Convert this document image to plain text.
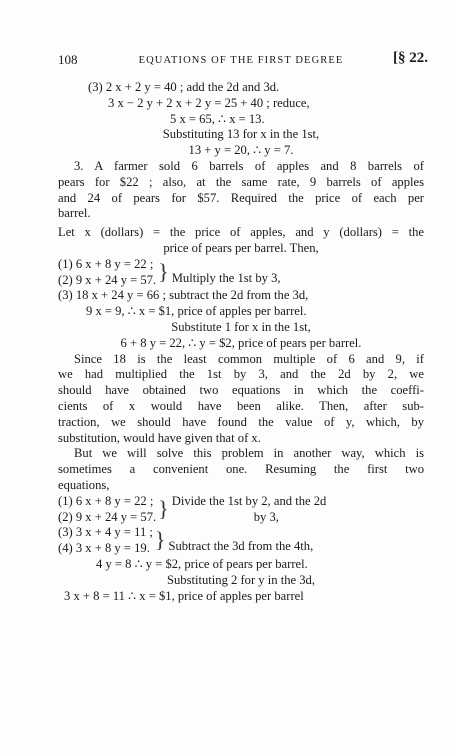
108	EQUATIONS OF THE FIRST DEGREE	[§ 22.
(3) 2 x + 2 y = 40 ; add the 2d and 3d.
3 x − 2 y + 2 x + 2 y = 25 + 40 ; reduce,
5 x = 65, ∴ x = 13.
Substituting 13 for x in the 1st,
13 + y = 20, ∴ y = 7.
3. A farmer sold 6 barrels of apples and 8 barrels of
pears for $22 ; also, at the same rate, 9 barrels of apples
and 24 of pears for $57. Required the price of each per
barrel.
Let x (dollars) = the price of apples, and y (dollars) = the
price of pears per barrel. Then,
(1) 6 x + 8 y = 22 ;
(2) 9 x + 24 y = 57. } Multiply the 1st by 3,
(3) 18 x + 24 y = 66 ; subtract the 2d from the 3d,
9 x = 9, ∴ x = $1, price of apples per barrel.
Substitute 1 for x in the 1st,
6 + 8 y = 22, ∴ y = $2, price of pears per barrel.
Since 18 is the least common multiple of 6 and 9, if
we had multiplied the 1st by 3, and the 2d by 2, we
should have obtained two equations in which the coeffi-
cients of x would have been alike. Then, after sub-
traction, we should have found the value of y, which, by
substitution, would have given that of x.
But we will solve this problem in another way, which is
sometimes a convenient one. Resuming the first two
equations,
(1) 6 x + 8 y = 22 ;
(2) 9 x + 24 y = 57. } Divide the 1st by 2, and the 2d
by 3,
(3) 3 x + 4 y = 11 ;
(4) 3 x + 8 y = 19. } Subtract the 3d from the 4th,
4 y = 8 ∴ y = $2, price of pears per barrel.
Substituting 2 for y in the 3d,
3 x + 8 = 11 ∴ x = $1, price of apples per barrel
